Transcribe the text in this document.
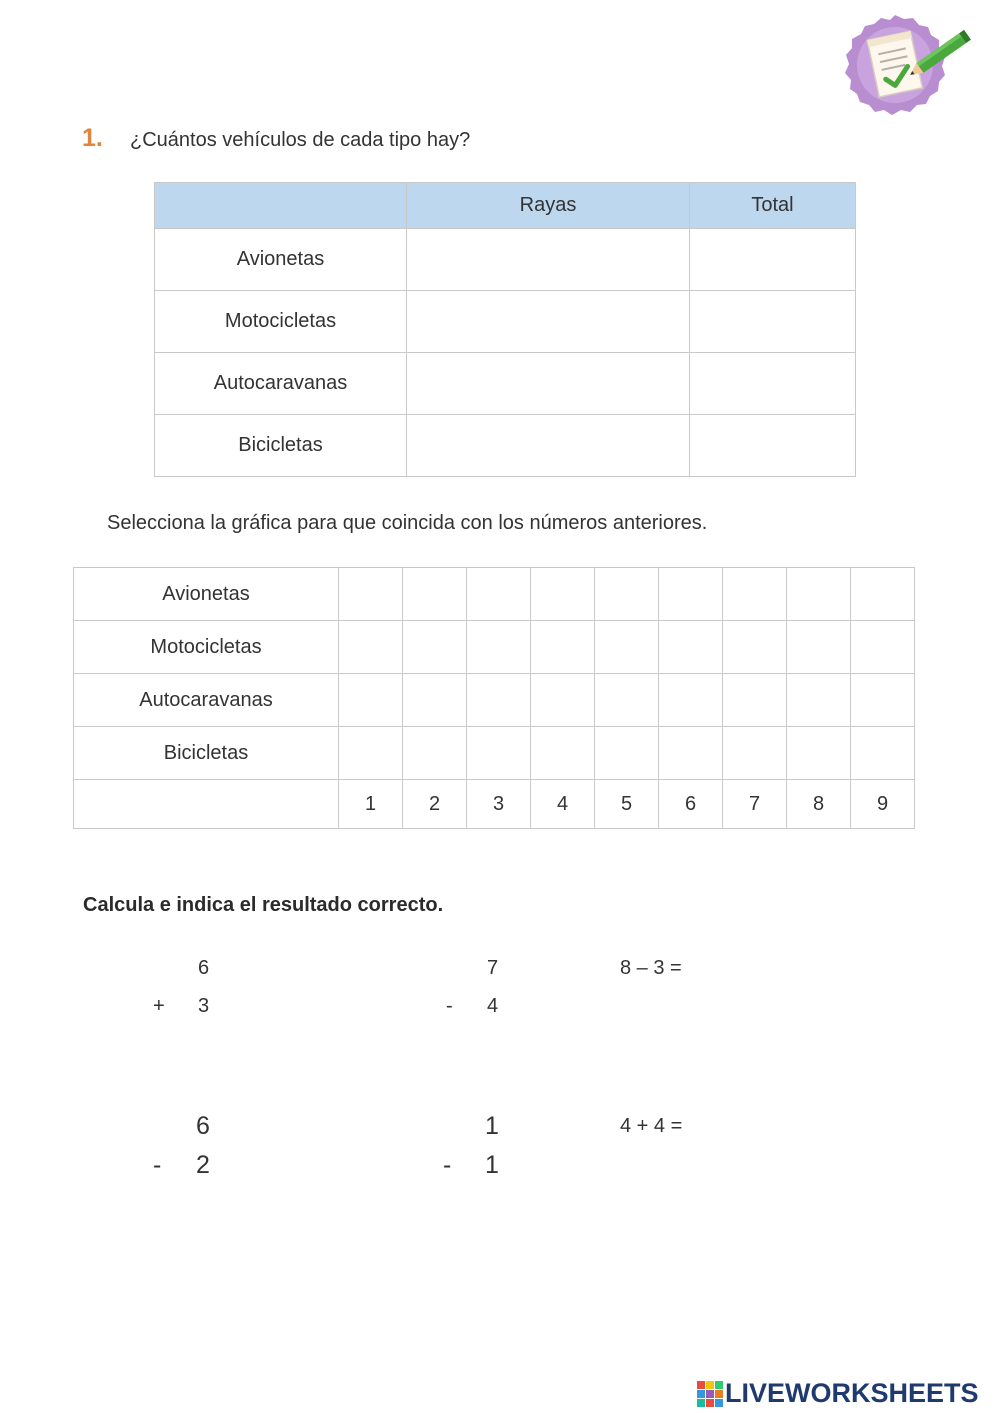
1. ¿Cuántos vehículos de cada tipo hay?
	Rayas	Total
Avionetas		
Motocicletas		
Autocaravanas		
Bicicletas		
Selecciona la gráfica para que coincida con los números anteriores.
Avionetas									
Motocicletas									
Autocaravanas									
Bicicletas									
	1	2	3	4	5	6	7	8	9
Calcula e indica el resultado correcto.
6
+ 3
7
- 4
8 – 3 =
6
- 2
1
- 1
4 + 4 =
LIVEWORKSHEETS
